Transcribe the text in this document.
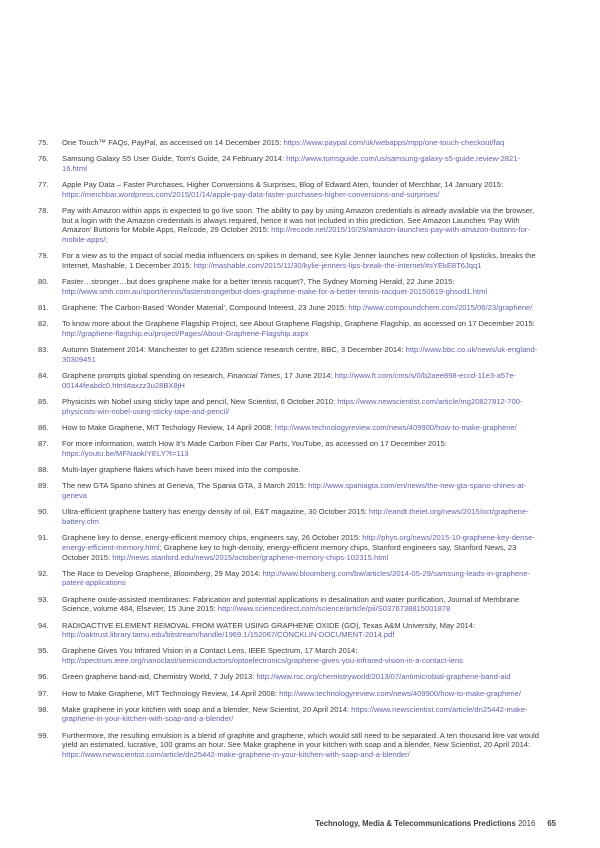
75.	One Touch™ FAQs, PayPal, as accessed on 14 December 2015: https://www.paypal.com/uk/webapps/mpp/one-touch-checkout/faq
76.	Samsung Galaxy S5 User Guide, Tom's Guide, 24 February 2014: http://www.tomsguide.com/us/samsung-galaxy-s5-guide,review-2821-16.html
77.	Apple Pay Data – Faster Purchases, Higher Conversions & Surprises, Blog of Edward Aten, founder of Merchbar, 14 January 2015: https://merchbar.wordpress.com/2015/01/14/apple-pay-data-faster-purchases-higher-conversions-and-surprises/
78.	Pay with Amazon within apps is expected to go live soon. The ability to pay by using Amazon credentials is already available via the browser, but a login with the Amazon credentials is always required, hence it was not included in this prediction. See Amazon Launches ‘Pay With Amazon’ Buttons for Mobile Apps, Re/code, 29 October 2015: http://recode.net/2015/10/29/amazon-launches-pay-with-amazon-buttons-for-mobile-apps/;
79.	For a view as to the impact of social media influencers on spikes in demand, see Kylie Jenner launches new collection of lipsticks, breaks the Internet, Mashable, 1 December 2015: http://mashable.com/2015/11/30/kylie-jenners-lips-break-the-internet/#sYEkE8T6Jqq1
80.	Faster…stronger…but does graphene make for a better tennis racquet?, The Sydney Morning Herald, 22 June 2015: http://www.smh.com.au/sport/tennis/fasterstrongerbut-does-graphene-make-for-a-better-tennis-racquet-20150619-ghsod1.html
81.	Graphene: The Carbon-Based ‘Wonder Material’, Compound Interest, 23 June 2015: http://www.compoundchem.com/2015/06/23/graphene/
82.	To know more about the Graphene Flagship Project, see About Graphene Flagship, Graphene Flagship, as accessed on 17 December 2015: http://graphene-flagship.eu/project/Pages/About-Graphene-Flagship.aspx
83.	Autumn Statement 2014: Manchester to get £235m science research centre, BBC, 3 December 2014: http://www.bbc.co.uk/news/uk-england-30309451
84.	Graphene prompts global spending on research, Financial Times, 17 June 2014: http://www.ft.com/cms/s/0/b2aee898-eccd-11e3-a57e-00144feabdc0.html#axzz3u28BX8jH
85.	Physicists win Nobel using sticky tape and pencil, New Scientist, 6 October 2010: https://www.newscientist.com/article/mg20827812-700-physicists-win-nobel-using-sticky-tape-and-pencil/
86.	How to Make Graphene, MIT Techology Review, 14 April 2008: http://www.technologyreview.com/news/409900/how-to-make-graphene/
87.	For more information, watch How It’s Made Carbon Fiber Car Parts, YouTube, as accessed on 17 December 2015: https://youtu.be/MFNaokIYELY?t=113
88.	Multi-layer graphene flakes which have been mixed into the composite.
89.	The new GTA Spano shines at Geneva, The Spania GTA, 3 March 2015: http://www.spaniagta.com/en/news/the-new-gta-spano-shines-at-geneva
90.	Ultra-efficient graphene battery has energy density of oil, E&T magazine, 30 October 2015: http://eandt.theiet.org/news/2015/oct/graphene-battery.cfm
91.	Graphene key to dense, energy-efficient memory chips, engineers say, 26 October 2015: http://phys.org/news/2015-10-graphene-key-dense-energy-efficient-memory.html; Graphene key to high-density, energy-efficient memory chips, Stanford engineers say, Stanford News, 23 October 2015: http://news.stanford.edu/news/2015/october/graphene-memory-chips-102315.html
92.	The Race to Develop Graphene, Bloomberg, 29 May 2014: http://www.bloomberg.com/bw/articles/2014-05-29/samsung-leads-in-graphene-patent-applications
93.	Graphene oxide-assisted membranes: Fabrication and potential applications in desalination and water purification, Journal of Membrane Science, volume 484, Elsevier, 15 June 2015: http://www.sciencedirect.com/science/article/pii/S0376738815001878
94.	RADIOACTIVE ELEMENT REMOVAL FROM WATER USING GRAPHENE OXIDE (GO), Texas A&M University, May 2014: http://oaktrust.library.tamu.edu/bitstream/handle/1969.1/152067/CONCKLIN-DOCUMENT-2014.pdf
95.	Graphene Gives You Infrared Vision in a Contact Lens, IEEE Spectrum, 17 March 2014: http://spectrum.ieee.org/nanoclast/semiconductors/optoelectronics/graphene-gives-you-infrared-vision-in-a-contact-lens
96.	Green graphene band-aid, Chemistry World, 7 July 2013: http://www.rsc.org/chemistryworld/2013/07/antimicrobial-graphene-band-aid
97.	How to Make Graphene, MIT Technology Review, 14 April 2008: http://www.technologyreview.com/news/409900/how-to-make-graphene/
98.	Make graphene in your kitchen with soap and a blender, New Scientist, 20 April 2014: https://www.newscientist.com/article/dn25442-make-graphene-in-your-kitchen-with-soap-and-a-blender/
99.	Furthermore, the resulting emulsion is a blend of graphite and graphene, which would still need to be separated. A ten thousand litre vat would yield an estimated, lucrative, 100 grams an hour. See Make graphene in your kitchen with soap and a blender, New Scientist, 20 April 2014: https://www.newscientist.com/article/dn25442-make-graphene-in-your-kitchen-with-soap-and-a-blender/
Technology, Media & Telecommunications Predictions 2016 65
